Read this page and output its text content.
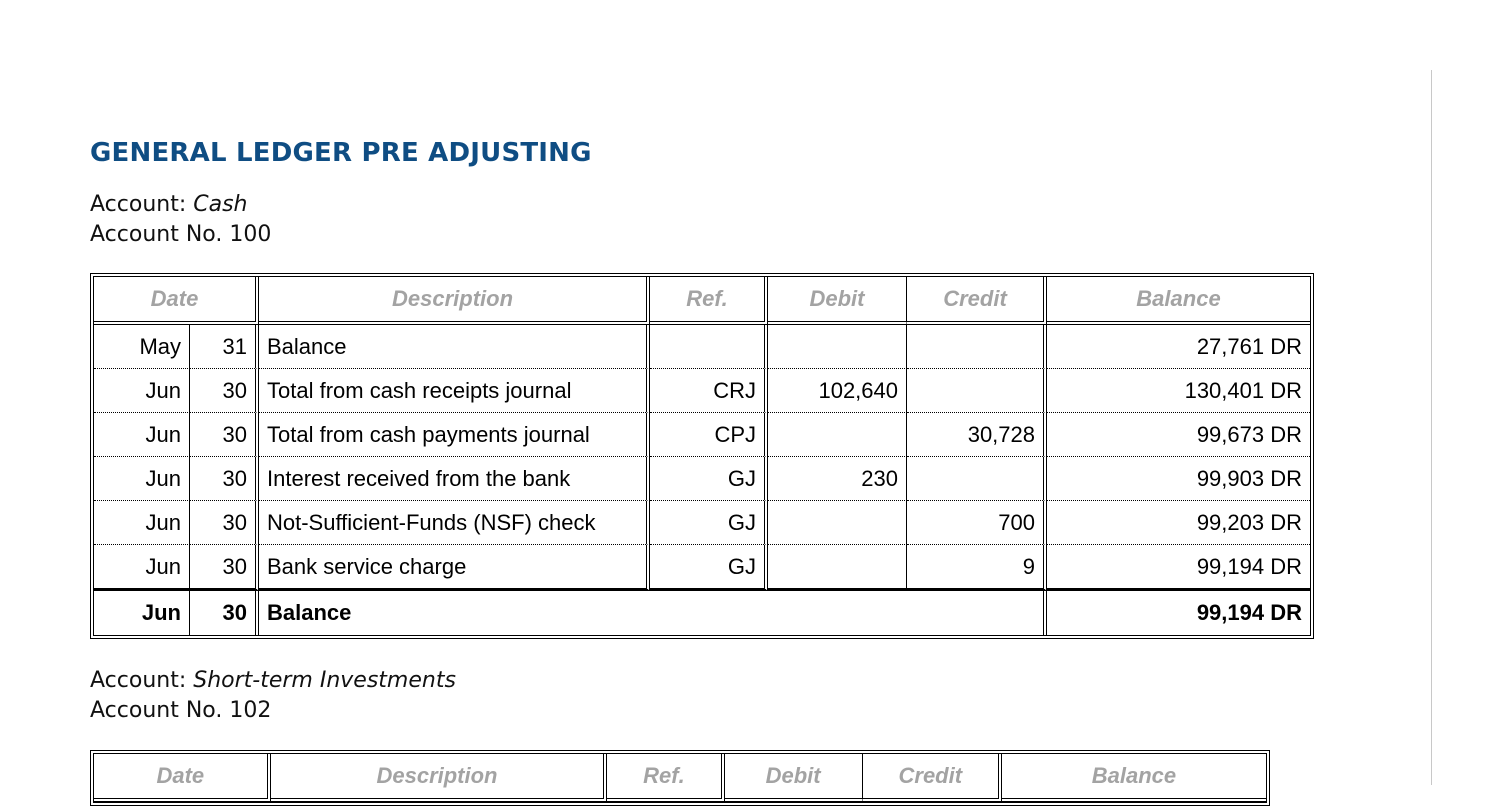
GENERAL LEDGER PRE ADJUSTING
Account: Cash
Account No. 100
Date		Description	Ref.	Debit	Credit	Balance
May	31	Balance				27,761 DR
Jun	30	Total from cash receipts journal	CRJ	102,640		130,401 DR
Jun	30	Total from cash payments journal	CPJ		30,728	99,673 DR
Jun	30	Interest received from the bank	GJ	230		99,903 DR
Jun	30	Not-Sufficient-Funds (NSF) check	GJ		700	99,203 DR
Jun	30	Bank service charge	GJ		9	99,194 DR
Jun	30	Balance				99,194 DR
Account: Short-term Investments
Account No. 102
Date	Description	Ref.	Debit	Credit	Balance
